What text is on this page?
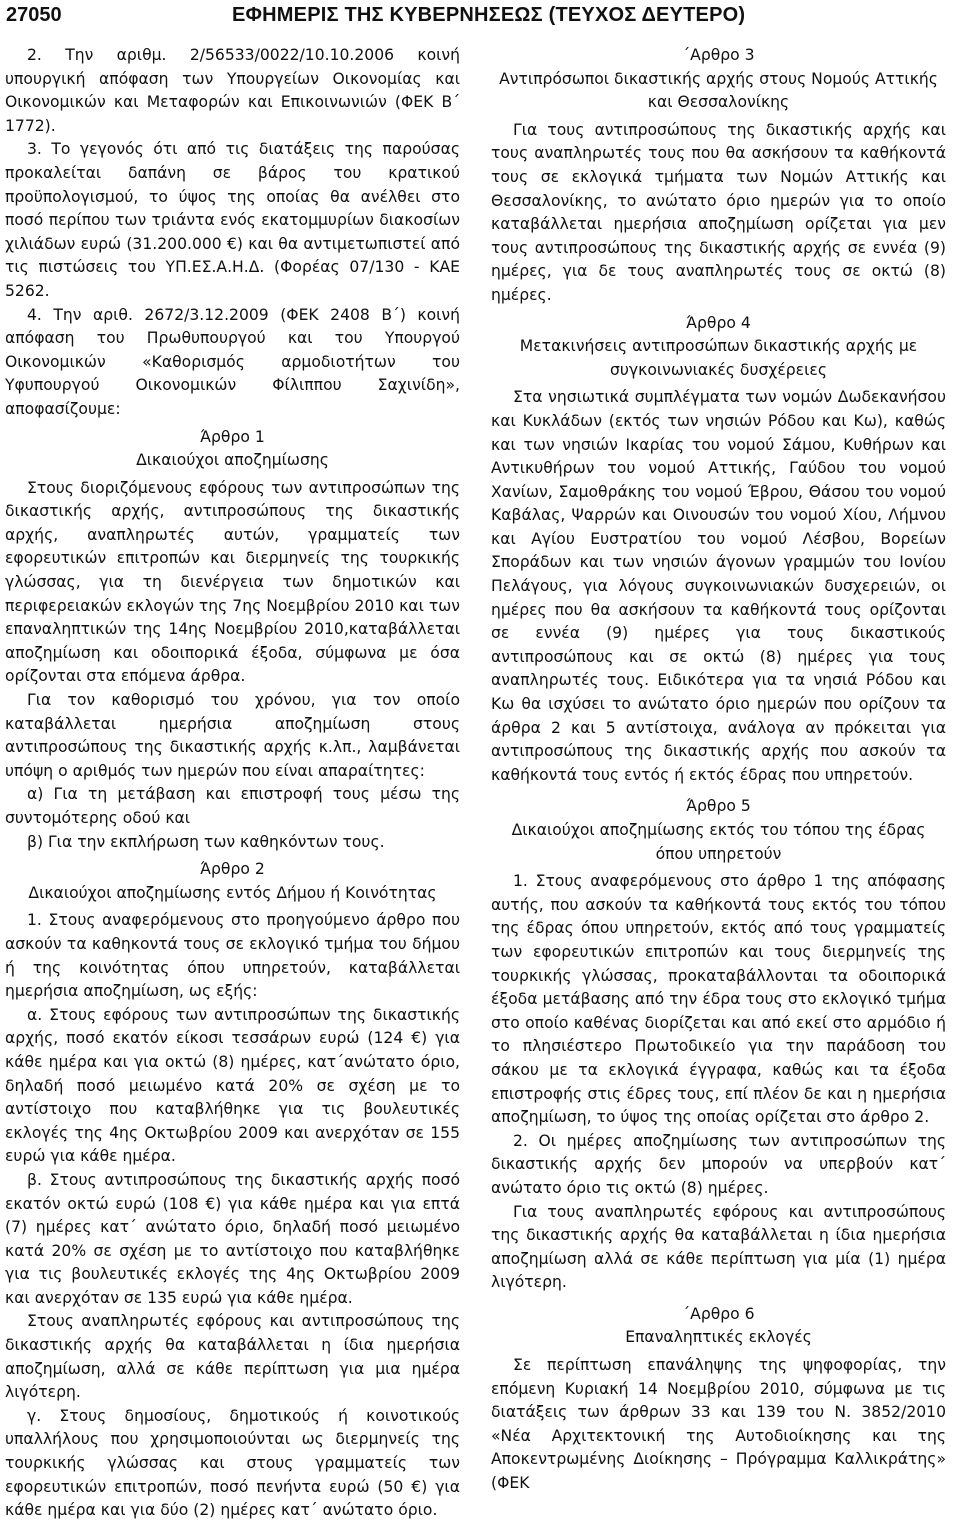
27050	ΕΦΗΜΕΡΙΣ ΤΗΣ ΚΥΒΕΡΝΗΣΕΩΣ (ΤΕΥΧΟΣ ΔΕΥΤΕΡΟ)

2. Την αριθμ. 2/56533/0022/10.10.2006 κοινή υπουργική απόφαση των Υπουργείων Οικονομίας και Οικονομικών και Μεταφορών και Επικοινωνιών (ΦΕΚ Β΄ 1772).

3. Το γεγονός ότι από τις διατάξεις της παρούσας προκαλείται δαπάνη σε βάρος του κρατικού προϋπολογισμού, το ύψος της οποίας θα ανέλθει στο ποσό περίπου των τριάντα ενός εκατομμυρίων διακοσίων χιλιάδων ευρώ (31.200.000 €) και θα αντιμετωπιστεί από τις πιστώσεις του ΥΠ.ΕΣ.Α.Η.Δ. (Φορέας 07/130 ‑ ΚΑΕ 5262.

4. Την αριθ. 2672/3.12.2009 (ΦΕΚ 2408 Β΄) κοινή απόφαση του Πρωθυπουργού και του Υπουργού Οικονομικών «Καθορισμός αρμοδιοτήτων του Υφυπουργού Οικονομικών Φίλιππου Σαχινίδη», αποφασίζουμε:

Άρθρο 1

Δικαιούχοι αποζημίωσης

Στους διοριζόμενους εφόρους των αντιπροσώπων της δικαστικής αρχής, αντιπροσώπους της δικαστικής αρχής, αναπληρωτές αυτών, γραμματείς των εφορευτικών επιτροπών και διερμηνείς της τουρκικής γλώσσας, για τη διενέργεια των δημοτικών και περιφερειακών εκλογών της 7ης Νοεμβρίου 2010 και των επαναληπτικών της 14ης Νοεμβρίου 2010,καταβάλλεται αποζημίωση και οδοιπορικά έξοδα, σύμφωνα με όσα ορίζονται στα επόμενα άρθρα.

Για τον καθορισμό του χρόνου, για τον οποίο καταβάλλεται ημερήσια αποζημίωση στους αντιπροσώπους της δικαστικής αρχής κ.λπ., λαμβάνεται υπόψη ο αριθμός των ημερών που είναι απαραίτητες:

α) Για τη μετάβαση και επιστροφή τους μέσω της συντομότερης οδού και

β) Για την εκπλήρωση των καθηκόντων τους.

Άρθρο 2

Δικαιούχοι αποζημίωσης εντός Δήμου ή Κοινότητας

1. Στους αναφερόμενους στο προηγούμενο άρθρο που ασκούν τα καθηκοντά τους σε εκλογικό τμήμα του δήμου ή της κοινότητας όπου υπηρετούν, καταβάλλεται ημερήσια αποζημίωση, ως εξής:

α. Στους εφόρους των αντιπροσώπων της δικαστικής αρχής, ποσό εκατόν είκοσι τεσσάρων ευρώ (124 €) για κάθε ημέρα και για οκτώ (8) ημέρες, κατ΄ανώτατο όριο, δηλαδή ποσό μειωμένο κατά 20% σε σχέση με το αντίστοιχο που καταβλήθηκε για τις βουλευτικές εκλογές της 4ης Οκτωβρίου 2009 και ανερχόταν σε 155 ευρώ για κάθε ημέρα.

β. Στους αντιπροσώπους της δικαστικής αρχής ποσό εκατόν οκτώ ευρώ (108 €) για κάθε ημέρα και για επτά (7) ημέρες κατ΄ ανώτατο όριο, δηλαδή ποσό μειωμένο κατά 20% σε σχέση με το αντίστοιχο που καταβλήθηκε για τις βουλευτικές εκλογές της 4ης Οκτωβρίου 2009 και ανερχόταν σε 135 ευρώ για κάθε ημέρα.

Στους αναπληρωτές εφόρους και αντιπροσώπους της δικαστικής αρχής θα καταβάλλεται η ίδια ημερήσια αποζημίωση, αλλά σε κάθε περίπτωση για μια ημέρα λιγότερη.

γ. Στους δημοσίους, δημοτικούς ή κοινοτικούς υπαλλήλους που χρησιμοποιούνται ως διερμηνείς της τουρκικής γλώσσας και στους γραμματείς των εφορευτικών επιτροπών, ποσό πενήντα ευρώ (50 €) για κάθε ημέρα και για δύο (2) ημέρες κατ΄ ανώτατο όριο.

΄Αρθρο 3

Αντιπρόσωποι δικαστικής αρχής στους Νομούς Αττικής και Θεσσαλονίκης

Για τους αντιπροσώπους της δικαστικής αρχής και τους αναπληρωτές τους που θα ασκήσουν τα καθήκοντά τους σε εκλογικά τμήματα των Νομών Αττικής και Θεσσαλονίκης, το ανώτατο όριο ημερών για το οποίο καταβάλλεται ημερήσια αποζημίωση ορίζεται για μεν τους αντιπροσώπους της δικαστικής αρχής σε εννέα (9) ημέρες, για δε τους αναπληρωτές τους σε οκτώ (8) ημέρες.

Άρθρο 4

Μετακινήσεις αντιπροσώπων δικαστικής αρχής με συγκοινωνιακές δυσχέρειες

Στα νησιωτικά συμπλέγματα των νομών Δωδεκανήσου και Κυκλάδων (εκτός των νησιών Ρόδου και Κω), καθώς και των νησιών Ικαρίας του νομού Σάμου, Κυθήρων και Αντικυθήρων του νομού Αττικής, Γαύδου του νομού Χανίων, Σαμοθράκης του νομού Έβρου, Θάσου του νομού Καβάλας, Ψαρρών και Οινουσών του νομού Χίου, Λήμνου και Αγίου Ευστρατίου του νομού Λέσβου, Βορείων Σποράδων και των νησιών άγονων γραμμών του Ιονίου Πελάγους, για λόγους συγκοινωνιακών δυσχερειών, οι ημέρες που θα ασκήσουν τα καθήκοντά τους ορίζονται σε εννέα (9) ημέρες για τους δικαστικούς αντιπροσώπους και σε οκτώ (8) ημέρες για τους αναπληρωτές τους. Ειδικότερα για τα νησιά Ρόδου και Κω θα ισχύσει το ανώτατο όριο ημερών που ορίζουν τα άρθρα 2 και 5 αντίστοιχα, ανάλογα αν πρόκειται για αντιπροσώπους της δικαστικής αρχής που ασκούν τα καθήκοντά τους εντός ή εκτός έδρας που υπηρετούν.

Άρθρο 5

Δικαιούχοι αποζημίωσης εκτός του τόπου της έδρας όπου υπηρετούν

1. Στους αναφερόμενους στο άρθρο 1 της απόφασης αυτής, που ασκούν τα καθήκοντά τους εκτός του τόπου της έδρας όπου υπηρετούν, εκτός από τους γραμματείς των εφορευτικών επιτροπών και τους διερμηνείς της τουρκικής γλώσσας, προκαταβάλλονται τα οδοιπορικά έξοδα μετάβασης από την έδρα τους στο εκλογικό τμήμα στο οποίο καθένας διορίζεται και από εκεί στο αρμόδιο ή το πλησιέστερο Πρωτοδικείο για την παράδοση του σάκου με τα εκλογικά έγγραφα, καθώς και τα έξοδα επιστροφής στις έδρες τους, επί πλέον δε και η ημερήσια αποζημίωση, το ύψος της οποίας ορίζεται στο άρθρο 2.

2. Οι ημέρες αποζημίωσης των αντιπροσώπων της δικαστικής αρχής δεν μπορούν να υπερβούν κατ΄ ανώτατο όριο τις οκτώ (8) ημέρες.

Για τους αναπληρωτές εφόρους και αντιπροσώπους της δικαστικής αρχής θα καταβάλλεται η ίδια ημερήσια αποζημίωση αλλά σε κάθε περίπτωση για μία (1) ημέρα λιγότερη.

΄Αρθρο 6

Επαναληπτικές εκλογές

Σε περίπτωση επανάληψης της ψηφοφορίας, την επόμενη Κυριακή 14 Νοεμβρίου 2010, σύμφωνα με τις διατάξεις των άρθρων 33 και 139 του Ν. 3852/2010 «Νέα Αρχιτεκτονική της Αυτοδιοίκησης και της Αποκεντρωμένης Διοίκησης – Πρόγραμμα Καλλικράτης» (ΦΕΚ
